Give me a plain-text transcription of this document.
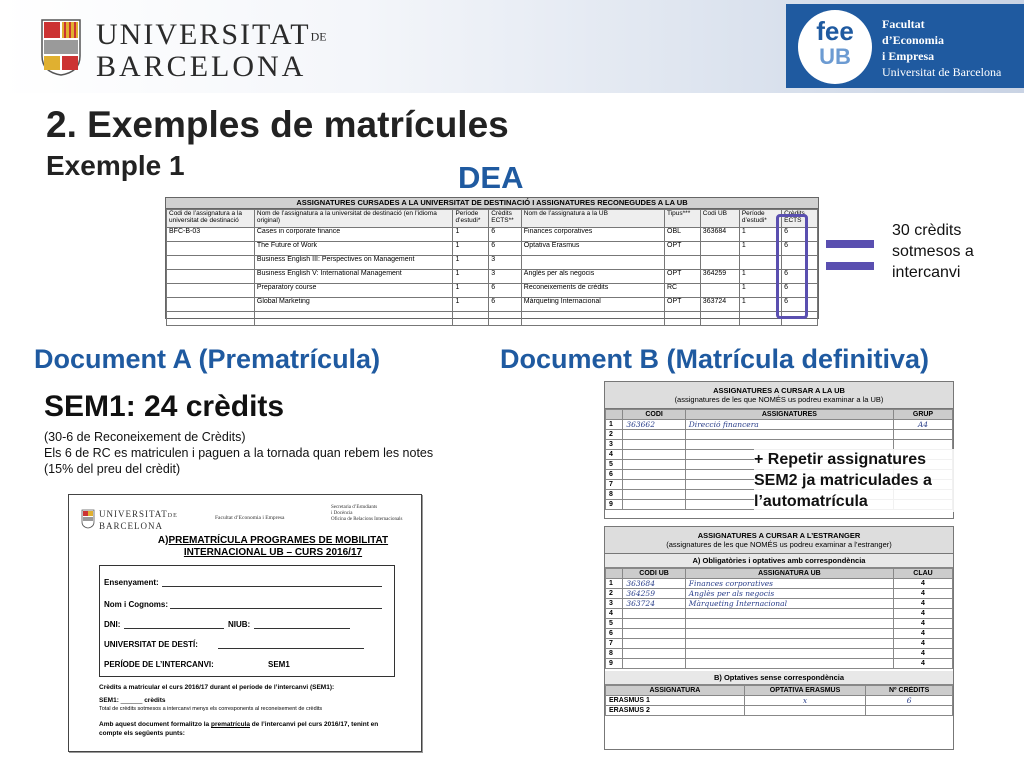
UNIVERSITATDE
BARCELONA
fee
UB
Facultat
d’Economia
i Empresa
Universitat de Barcelona
2. Exemples de matrícules
Exemple 1	DEA
ASSIGNATURES CURSADES A LA UNIVERSITAT DE DESTINACIÓ I ASSIGNATURES RECONEGUDES A LA UB
Codi de l’assignatura a la universitat de destinació	Nom de l’assignatura a la universitat de destinació (en l’idioma original)	Període d’estudi*	Crèdits ECTS**	Nom de l’assignatura a la UB	Tipus***	Codi UB	Període d’estudi*	Crèdits ECTS
BFC-B-03	Cases in corporate finance	1	6	Finances corporatives	OBL	363684	1	6
	The Future of Work	1	6	Optativa Erasmus	OPT		1	6
	Business English III: Perspectives on Management	1	3					
	Business English V: International Management	1	3	Anglès per als negocis	OPT	364259	1	6
	Preparatory course	1	6	Reconeixements de crèdits	RC		1	6
	Global Marketing	1	6	Màrqueting Internacional	OPT	363724	1	6

30 crèdits
sotmesos a
intercanvi
Document A (Prematrícula)	Document B (Matrícula definitiva)
SEM1: 24 crèdits
(30-6 de Reconeixement de Crèdits)
Els 6 de RC es matriculen i paguen a la tornada quan rebem les notes (15% del preu del crèdit)
UNIVERSITATDE
BARCELONA
Facultat d’Economia i Empresa
Secretaria d’Estudiants
i Docència
Oficina de Relacions Internacionals
A)PREMATRÍCULA PROGRAMES DE MOBILITAT
INTERNACIONAL UB – CURS 2016/17
Ensenyament:
Nom i Cognoms:
DNI:	NIUB:
UNIVERSITAT DE DESTÍ:
PERÍODE DE L’INTERCANVI:	SEM1
Crèdits a matricular el curs 2016/17 durant el període de l’intercanvi (SEM1):
SEM1: ______ crèdits
Total de crèdits sotmesos a intercanvi menys els corresponents al reconeixement de crèdits
Amb aquest document formalitzo la prematrícula de l’intercanvi pel curs 2016/17, tenint en compte els següents punts:
ASSIGNATURES A CURSAR A LA UB
(assignatures de les que NOMÉS us podreu examinar a la UB)
	CODI	ASSIGNATURES	GRUP
1	363662	Direcció financera	A4
2			
3			
4			
5			
6			
7			
8			
9			
ASSIGNATURES A CURSAR A L’ESTRANGER
(assignatures de les que NOMÉS us podreu examinar a l’estranger)
A) Obligatòries i optatives amb correspondència
	CODI UB	ASSIGNATURA UB	CLAU
1	363684	Finances corporatives	4
2	364259	Anglès per als negocis	4
3	363724	Màrqueting Internacional	4
4			4
5			4
6			4
7			4
8			4
9			4
B) Optatives sense correspondència
ASSIGNATURA	OPTATIVA ERASMUS	Nº CRÈDITS
ERASMUS 1	x	6
ERASMUS 2		
+ Repetir assignatures
SEM2 ja matriculades a
l’automatrícula
